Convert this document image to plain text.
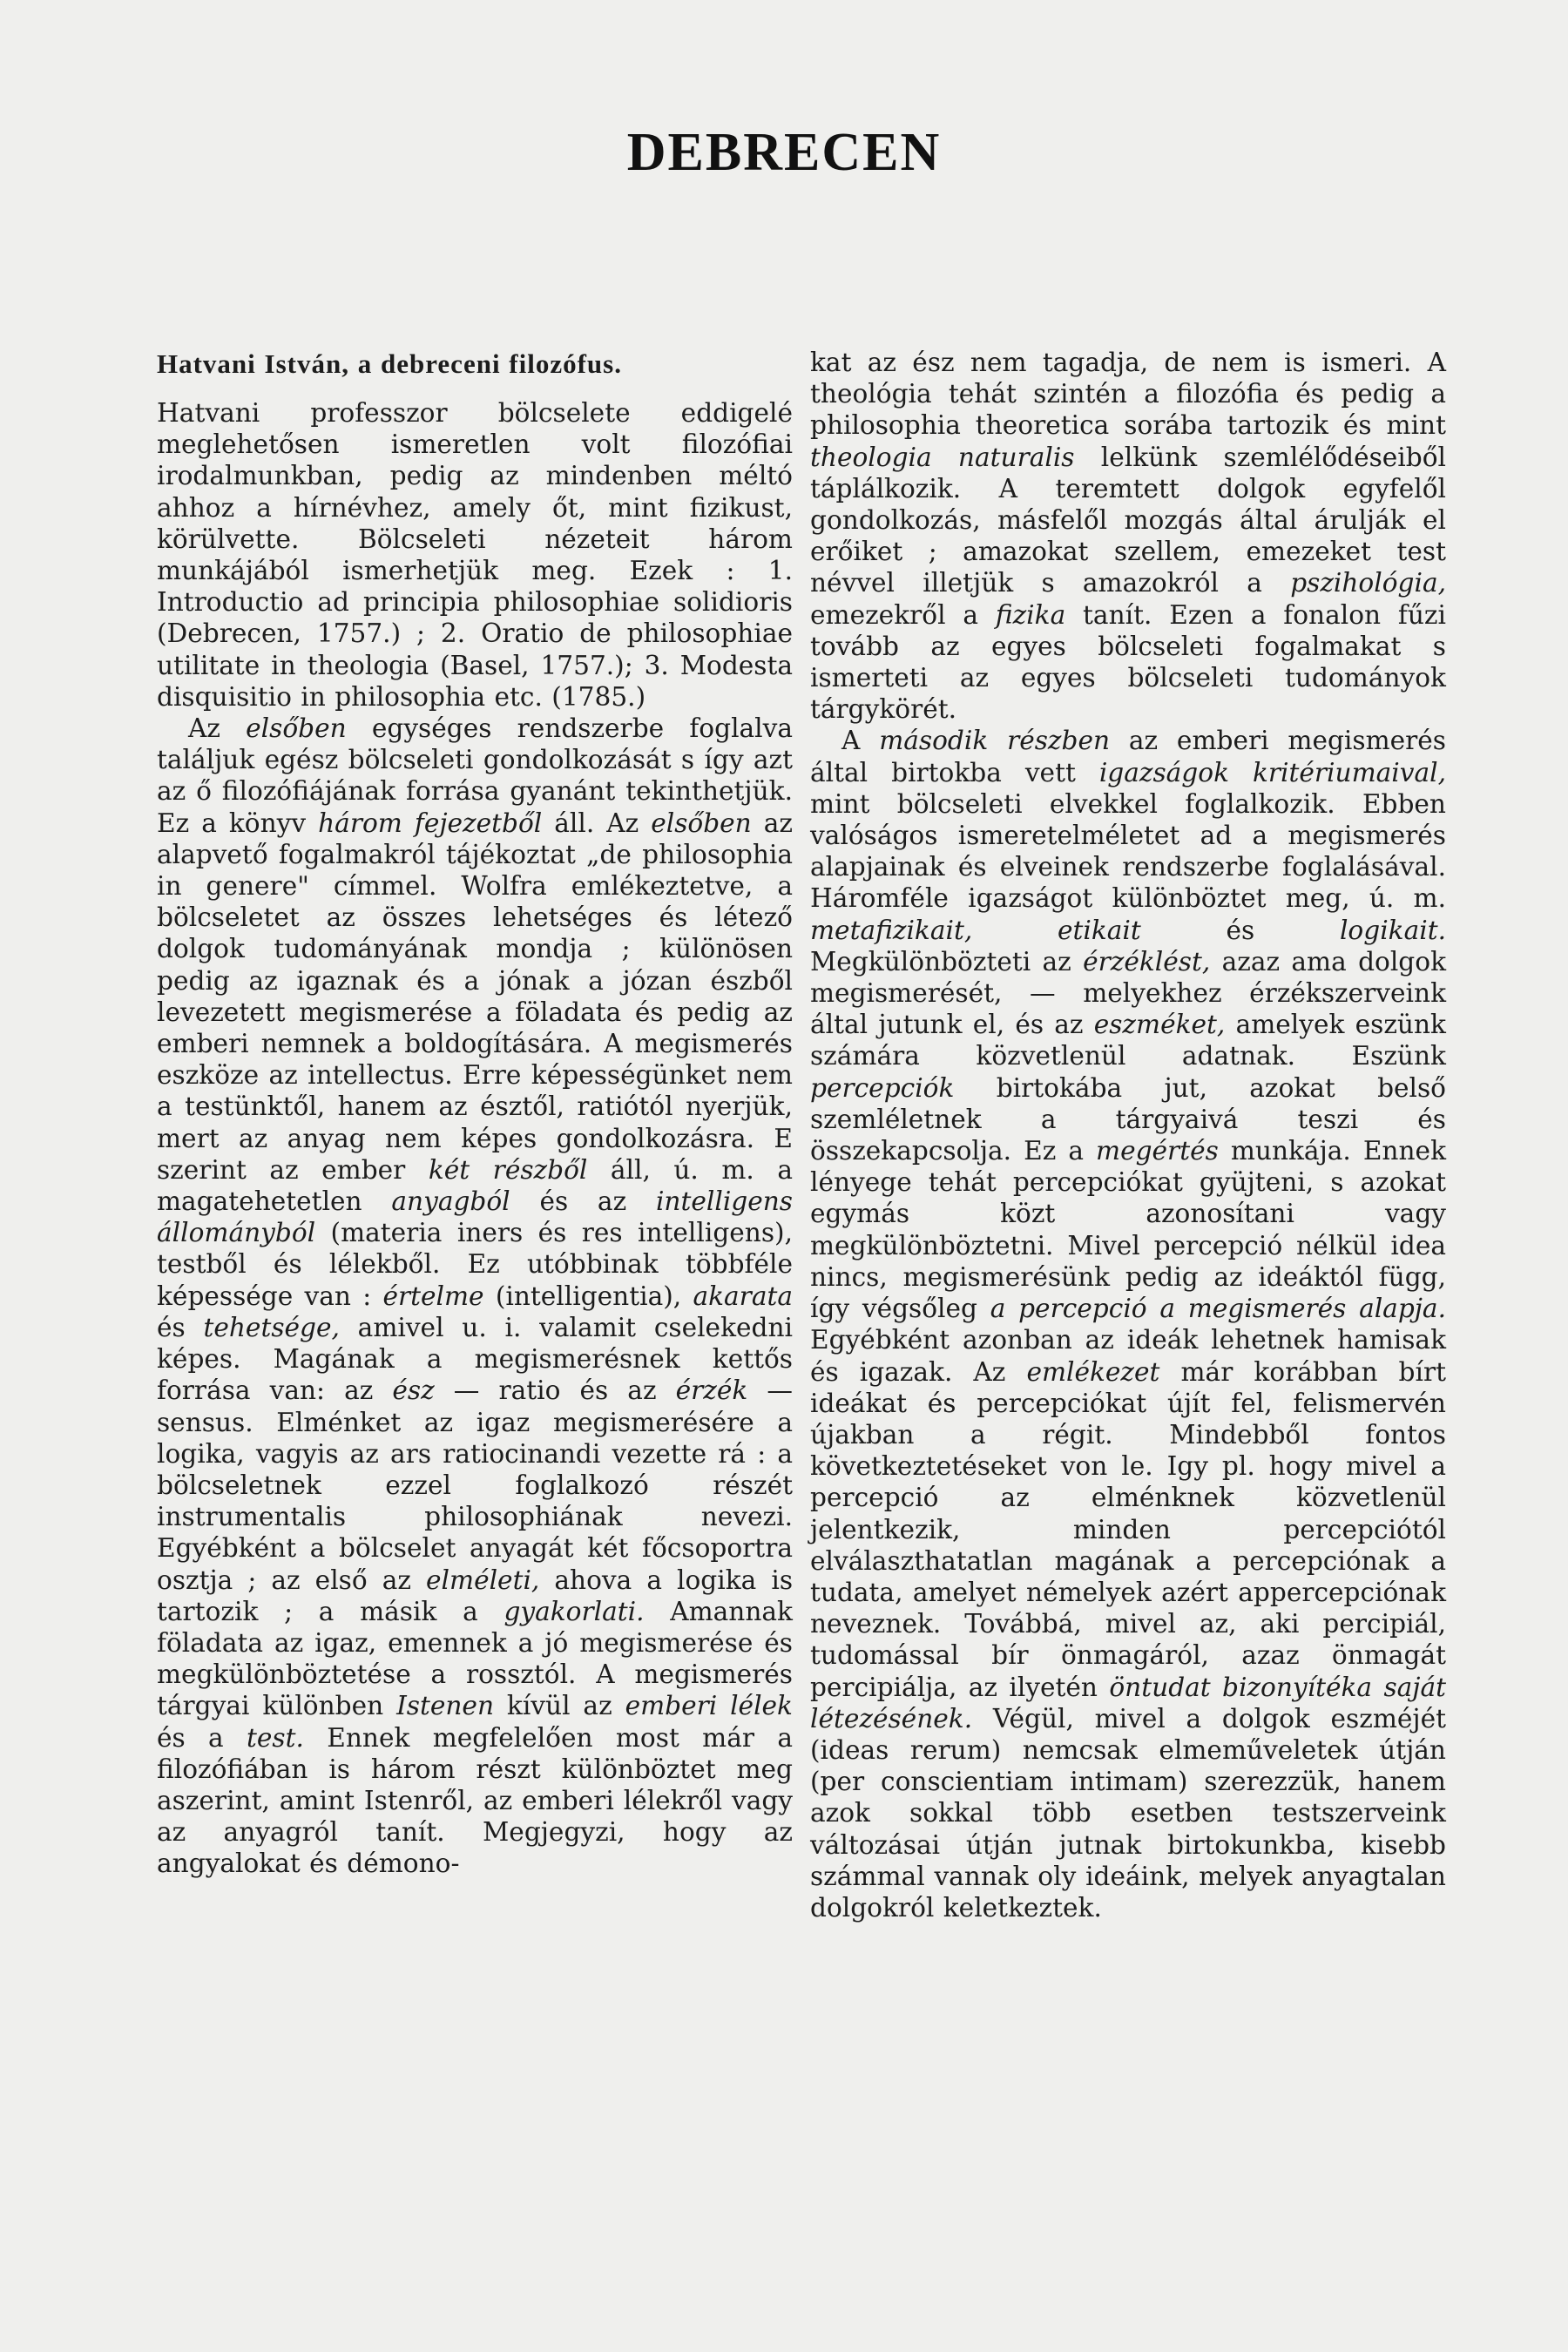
DEBRECEN
Hatvani István, a debreceni filozófus.

Hatvani professzor bölcselete eddigelé meglehetősen ismeretlen volt filozófiai irodalmunkban, pedig az mindenben méltó ahhoz a hírnévhez, amely őt, mint fizikust, körülvette. Bölcseleti nézeteit három munkájából ismerhetjük meg. Ezek : 1. Introductio ad principia philosophiae solidioris (Debrecen, 1757.) ; 2. Oratio de philosophiae utilitate in theologia (Basel, 1757.); 3. Modesta disquisitio in philosophia etc. (1785.)

Az elsőben egységes rendszerbe foglalva találjuk egész bölcseleti gondolkozását s így azt az ő filozófiájának forrása gyanánt tekinthetjük. Ez a könyv három fejezetből áll. Az elsőben az alapvető fogalmakról tájékoztat „de philosophia in genere" címmel. Wolfra emlékeztetve, a bölcseletet az összes lehetséges és létező dolgok tudományának mondja ; különösen pedig az igaznak és a jónak a józan észből levezetett megismerése a föladata és pedig az emberi nemnek a boldogítására. A megismerés eszköze az intellectus. Erre képességünket nem a testünktől, hanem az észtől, ratiótól nyerjük, mert az anyag nem képes gondolkozásra. E szerint az ember két részből áll, ú. m. a magatehetetlen anyagból és az intelligens állományból (materia iners és res intelligens), testből és lélekből. Ez utóbbinak többféle képessége van : értelme (intelligentia), akarata és tehetsége, amivel u. i. valamit cselekedni képes. Magának a megismerésnek kettős forrása van: az ész — ratio és az érzék — sensus. Elménket az igaz megismerésére a logika, vagyis az ars ratiocinandi vezette rá : a bölcseletnek ezzel foglalkozó részét instrumentalis philosophiának nevezi. Egyébként a bölcselet anyagát két főcsoportra osztja ; az első az elméleti, ahova a logika is tartozik ; a másik a gyakorlati. Amannak föladata az igaz, emennek a jó megismerése és megkülönböztetése a rossztól. A megismerés tárgyai különben Istenen kívül az emberi lélek és a test. Ennek megfelelően most már a filozófiában is három részt különböztet meg aszerint, amint Istenről, az emberi lélekről vagy az anyagról tanít. Megjegyzi, hogy az angyalokat és démono-

kat az ész nem tagadja, de nem is ismeri. A theológia tehát szintén a filozófia és pedig a philosophia theoretica sorába tartozik és mint theologia naturalis lelkünk szemlélődéseiből táplálkozik. A teremtett dolgok egyfelől gondolkozás, másfelől mozgás által árulják el erőiket ; amazokat szellem, emezeket test névvel illetjük s amazokról a pszihológia, emezekről a fizika tanít. Ezen a fonalon fűzi tovább az egyes bölcseleti fogalmakat s ismerteti az egyes bölcseleti tudományok tárgykörét.

A második részben az emberi megismerés által birtokba vett igazságok kritériumaival, mint bölcseleti elvekkel foglalkozik. Ebben valóságos ismeretelméletet ad a megismerés alapjainak és elveinek rendszerbe foglalásával. Háromféle igazságot különböztet meg, ú. m. metafizikait, etikait és logikait. Megkülönbözteti az érzéklést, azaz ama dolgok megismerését, — melyekhez érzékszerveink által jutunk el, és az eszméket, amelyek eszünk számára közvetlenül adatnak. Eszünk percepciók birtokába jut, azokat belső szemléletnek a tárgyaivá teszi és összekapcsolja. Ez a megértés munkája. Ennek lényege tehát percepciókat gyüjteni, s azokat egymás közt azonosítani vagy megkülönböztetni. Mivel percepció nélkül idea nincs, megismerésünk pedig az ideáktól függ, így végsőleg a percepció a megismerés alapja. Egyébként azonban az ideák lehetnek hamisak és igazak. Az emlékezet már korábban bírt ideákat és percepciókat újít fel, felismervén újakban a régit. Mindebből fontos következtetéseket von le. Igy pl. hogy mivel a percepció az elménknek közvetlenül jelentkezik, minden percepciótól elválaszthatatlan magának a percepciónak a tudata, amelyet némelyek azért appercepciónak neveznek. Továbbá, mivel az, aki percipiál, tudomással bír önmagáról, azaz önmagát percipiálja, az ilyetén öntudat bizonyítéka saját létezésének. Végül, mivel a dolgok eszméjét (ideas rerum) nemcsak elmeműveletek útján (per conscientiam intimam) szerezzük, hanem azok sokkal több esetben testszerveink változásai útján jutnak birtokunkba, kisebb számmal vannak oly ideáink, melyek anyagtalan dolgokról keletkeztek.
